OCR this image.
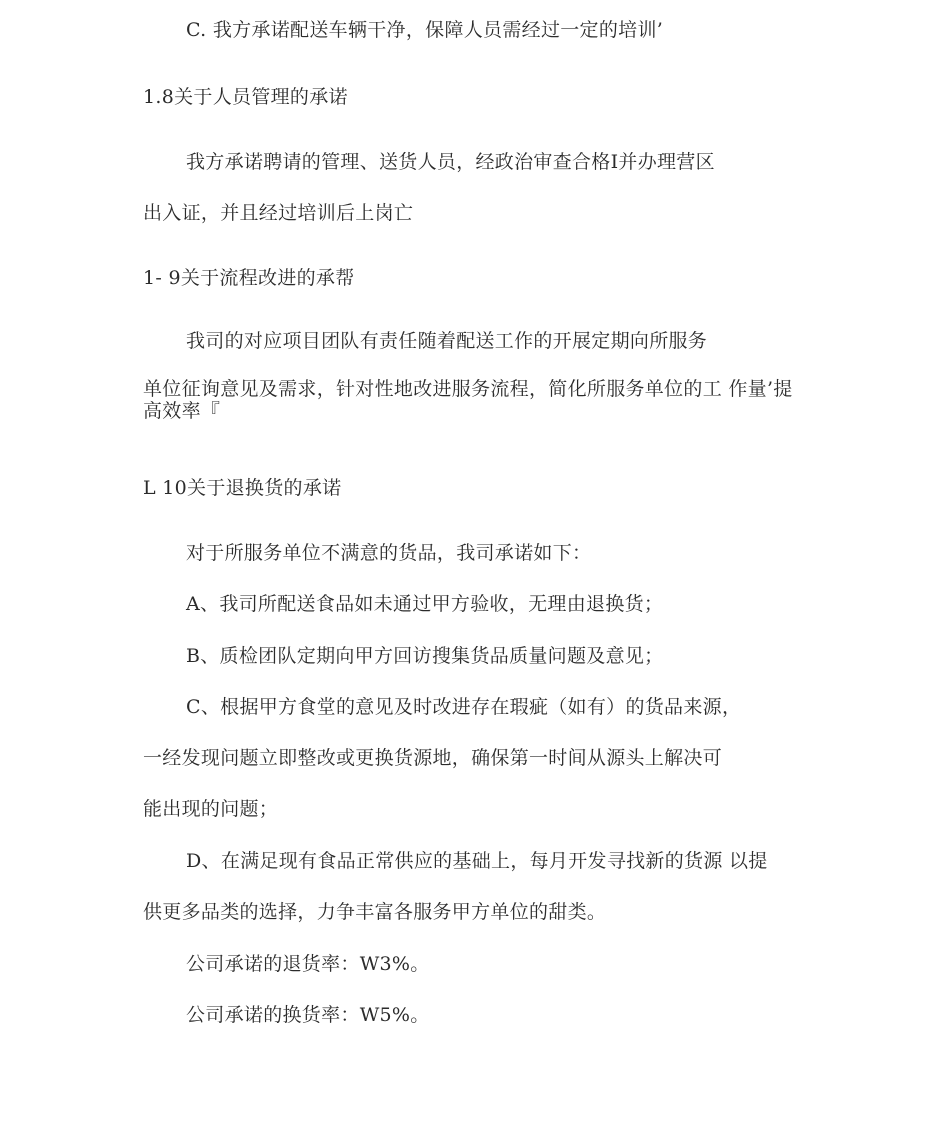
C. 我方承诺配送车辆干净，保障人员需经过一定的培训’

1.8关于人员管理的承诺

我方承诺聘请的管理、送货人员，经政治审查合格I并办理营区

出入证，并且经过培训后上岗亡

1- 9关于流程改进的承帮

我司的对应项目团队有责任随着配送工作的开展定期向所服务

单位征询意见及需求，针对性地改进服务流程，简化所服务单位的工 作量’提高效率『

L 10关于退换货的承诺

对于所服务单位不满意的货品，我司承诺如下：

A、我司所配送食品如未通过甲方验收，无理由退换货；

B、质检团队定期向甲方回访搜集货品质量问题及意见；

C、根据甲方食堂的意见及时改进存在瑕疵（如有）的货品来源，

一经发现问题立即整改或更换货源地，确保第一时间从源头上解决可

能出现的问题；

D、在满足现有食品正常供应的基础上，每月开发寻找新的货源 以提

供更多品类的选择，力争丰富各服务甲方单位的甜类。

公司承诺的退货率：W3%。

公司承诺的换货率：W5%。
